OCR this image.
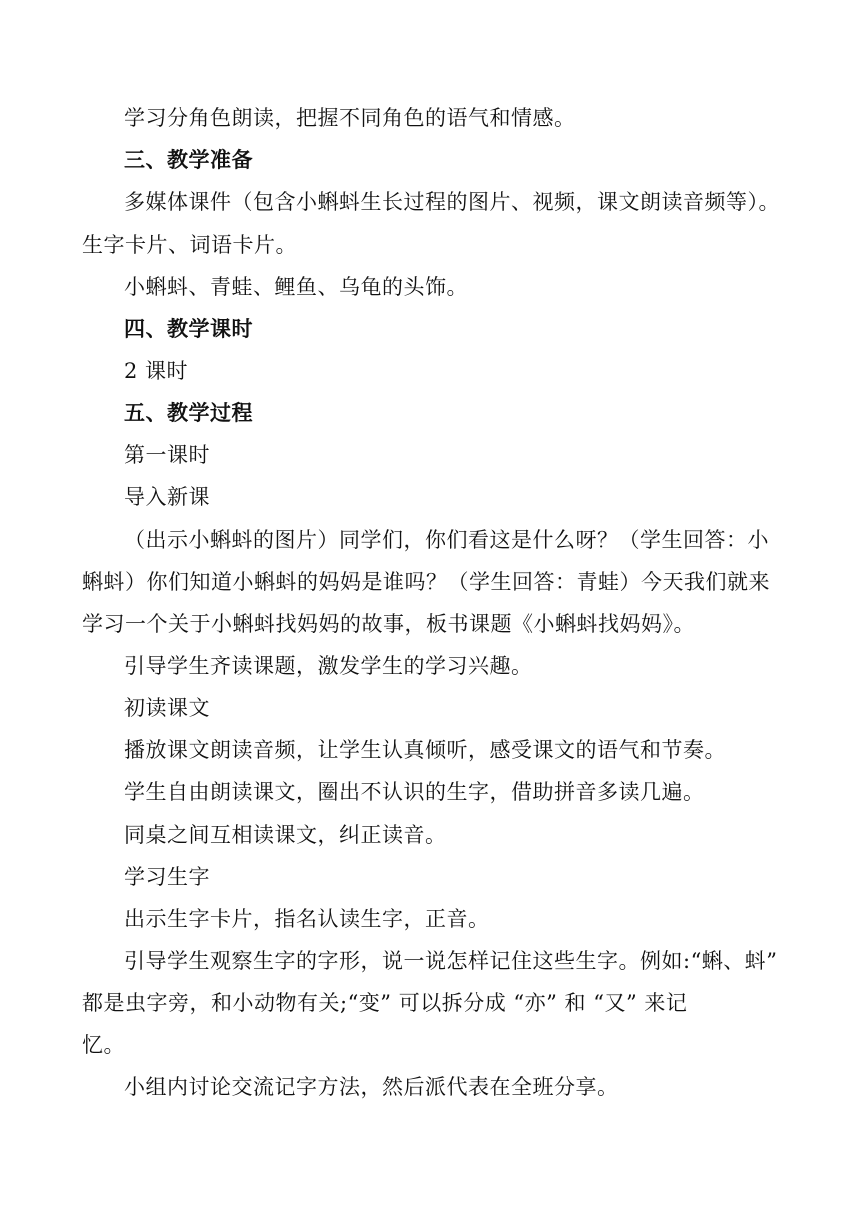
学习分角色朗读，把握不同角色的语气和情感。
三、教学准备
多媒体课件（包含小蝌蚪生长过程的图片、视频，课文朗读音频等）。
生字卡片、词语卡片。
小蝌蚪、青蛙、鲤鱼、乌龟的头饰。
四、教学课时
2 课时
五、教学过程
第一课时
导入新课
（出示小蝌蚪的图片）同学们，你们看这是什么呀？（学生回答：小
蝌蚪）你们知道小蝌蚪的妈妈是谁吗？（学生回答：青蛙）今天我们就来
学习一个关于小蝌蚪找妈妈的故事，板书课题《小蝌蚪找妈妈》。
引导学生齐读课题，激发学生的学习兴趣。
初读课文
播放课文朗读音频，让学生认真倾听，感受课文的语气和节奏。
学生自由朗读课文，圈出不认识的生字，借助拼音多读几遍。
同桌之间互相读课文，纠正读音。
学习生字
出示生字卡片，指名认读生字，正音。
引导学生观察生字的字形，说一说怎样记住这些生字。例如:“蝌、蚪”
都是虫字旁，和小动物有关;“变” 可以拆分成 “亦” 和 “又” 来记
忆。
小组内讨论交流记字方法，然后派代表在全班分享。
